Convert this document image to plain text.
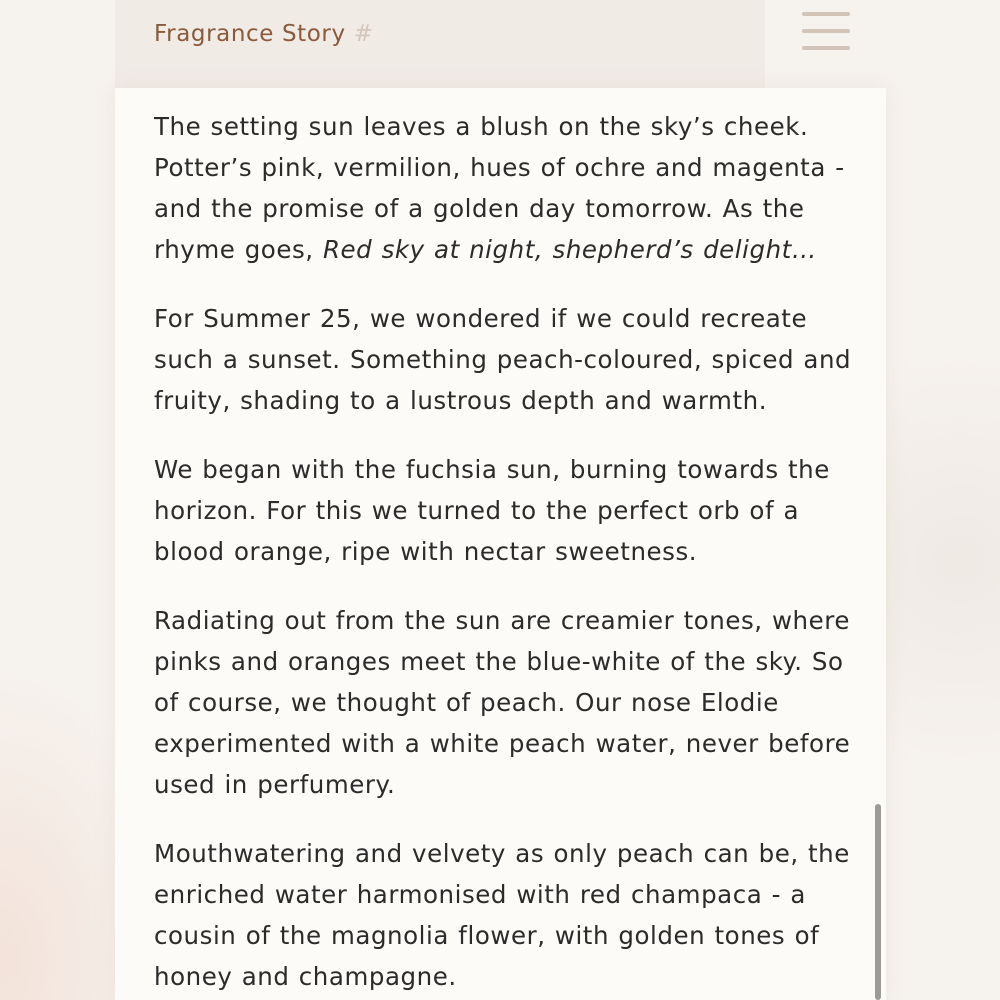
Fragrance Story #

The setting sun leaves a blush on the sky’s cheek. Potter’s pink, vermilion, hues of ochre and magenta - and the promise of a golden day tomorrow. As the rhyme goes, Red sky at night, shepherd’s delight…

For Summer 25, we wondered if we could recreate such a sunset. Something peach-coloured, spiced and fruity, shading to a lustrous depth and warmth.

We began with the fuchsia sun, burning towards the horizon. For this we turned to the perfect orb of a blood orange, ripe with nectar sweetness.

Radiating out from the sun are creamier tones, where pinks and oranges meet the blue-white of the sky. So of course, we thought of peach. Our nose Elodie experimented with a white peach water, never before used in perfumery.

Mouthwatering and velvety as only peach can be, the enriched water harmonised with red champaca - a cousin of the magnolia flower, with golden tones of honey and champagne.
